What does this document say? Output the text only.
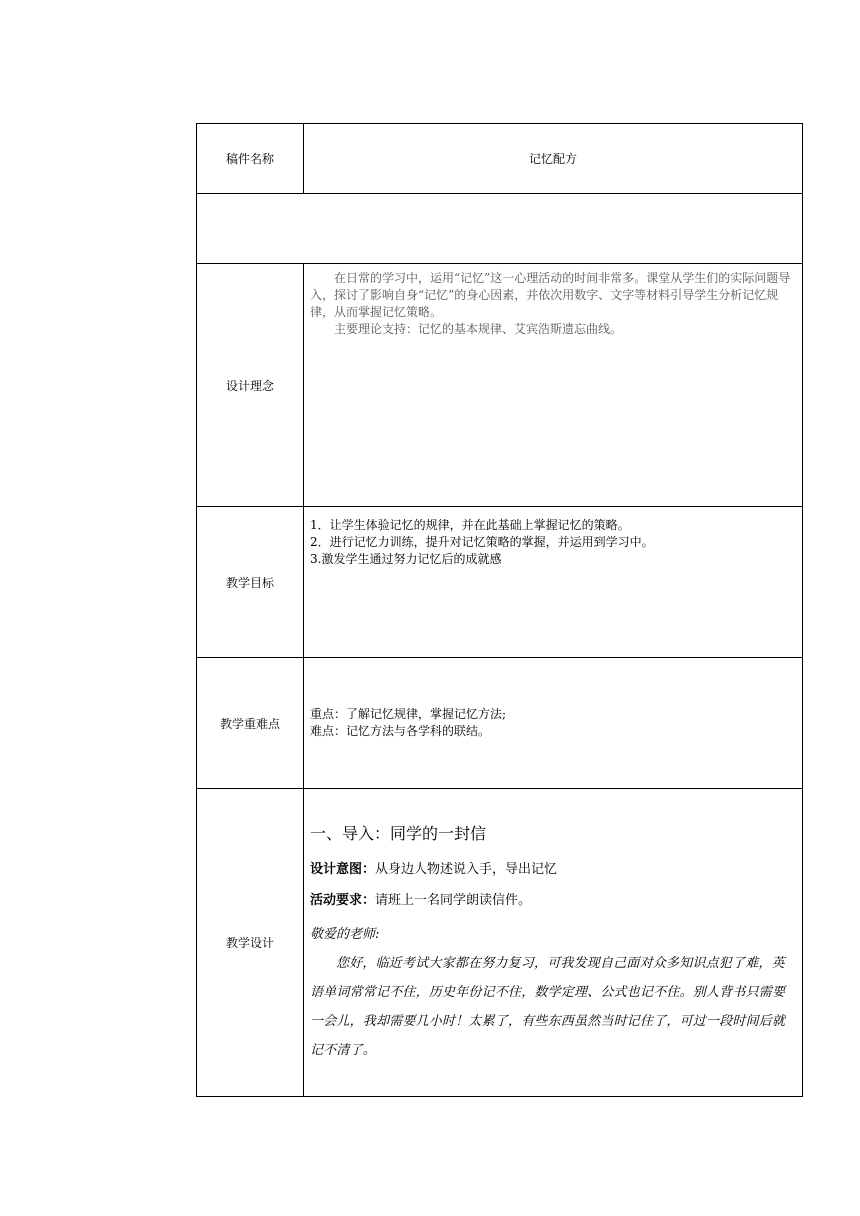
稿件名称	记忆配方

设计理念	在日常的学习中，运用“记忆”这一心理活动的时间非常多。课堂从学生们的实际问题导入，探讨了影响自身“记忆”的身心因素，并依次用数字、文字等材料引导学生分析记忆规律，从而掌握记忆策略。

主要理论支持：记忆的基本规律、艾宾浩斯遗忘曲线。

教学目标	1．让学生体验记忆的规律，并在此基础上掌握记忆的策略。

2．进行记忆力训练，提升对记忆策略的掌握，并运用到学习中。

3.激发学生通过努力记忆后的成就感

教学重难点	重点：了解记忆规律，掌握记忆方法;

难点：记忆方法与各学科的联结。

教学设计	一、导入：同学的一封信

设计意图：从身边人物述说入手，导出记忆

活动要求：请班上一名同学朗读信件。

敬爱的老师:

您好，临近考试大家都在努力复习，可我发现自己面对众多知识点犯了难，英语单词常常记不住，历史年份记不住，数学定理、公式也记不住。别人背书只需要一会儿，我却需要几小时！太累了，有些东西虽然当时记住了，可过一段时间后就记不清了。
